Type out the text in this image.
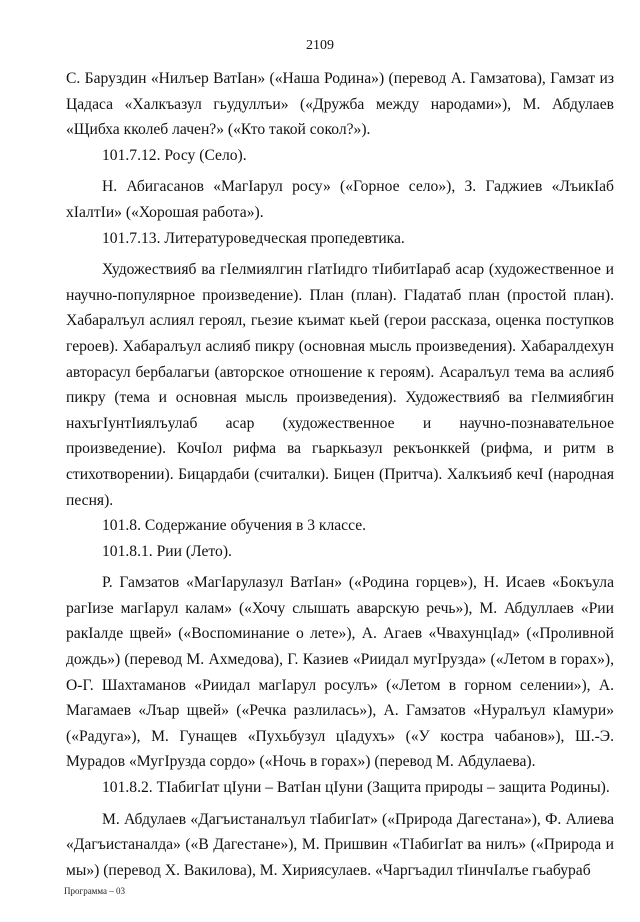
2109

С. Баруздин «Нилъер ВатIан» («Наша Родина») (перевод А. Гамзатова), Гамзат из Цадаса «Халкъазул гьудуллъи» («Дружба между народами»), М. Абдулаев «Щибха кколеб лачен?» («Кто такой сокол?»).

101.7.12. Росу (Село).

Н. Абигасанов «МагIарул росу» («Горное село»), З. Гаджиев «ЛъикIаб хIалтIи» («Хорошая работа»).

101.7.13. Литературоведческая пропедевтика.

Художествияб ва гIелмиялгин гIатIидго тIибитIараб асар (художественное и научно-популярное произведение). План (план). ГIадатаб план (простой план). Хабаралъул аслиял героял, гьезие къимат кьей (герои рассказа, оценка поступков героев). Хабаралъул аслияб пикру (основная мысль произведения). Хабаралдехун авторасул бербалагьи (авторское отношение к героям). Асаралъул тема ва аслияб пикру (тема и основная мысль произведения). Художествияб ва гIелмиябгин нахъгIунтIиялъулаб асар (художественное и научно-познавательное произведение). КочIол рифма ва гьаркьазул рекъонккей (рифма, и ритм в стихотворении). Бицардаби (считалки). Бицен (Притча). Халкъияб кечI (народная песня).

101.8. Содержание обучения в 3 классе.

101.8.1. Рии (Лето).

Р. Гамзатов «МагIарулазул ВатIан» («Родина горцев»), Н. Исаев «Бокъула рагIизе магIарул калам» («Хочу слышать аварскую речь»), М. Абдуллаев «Рии ракIалде щвей» («Воспоминание о лете»), А. Агаев «ЧвахунцIад» («Проливной дождь») (перевод М. Ахмедова), Г. Казиев «Риидал мугIрузда» («Летом в горах»), О-Г. Шахтаманов «Риидал магIарул росулъ» («Летом в горном селении»), А. Магамаев «Лъар щвей» («Речка разлилась»), А. Гамзатов «Нуралъул кIамури» («Радуга»), М. Гунащев «Пухьбузул цIадухъ» («У костра чабанов»), Ш.-Э. Мурадов «МугIрузда сордо» («Ночь в горах») (перевод М. Абдулаева).

101.8.2. ТIабигIат цIуни – ВатIан цIуни (Защита природы – защита Родины).

М. Абдулаев «Дагъистаналъул тIабигIат» («Природа Дагестана»), Ф. Алиева «Дагъистаналда» («В Дагестане»), М. Пришвин «ТIабигIат ва нилъ» («Природа и мы») (перевод Х. Вакилова), М. Хириясулаев. «Чаргъадил тIинчIалъе гьабураб

Программа – 03
